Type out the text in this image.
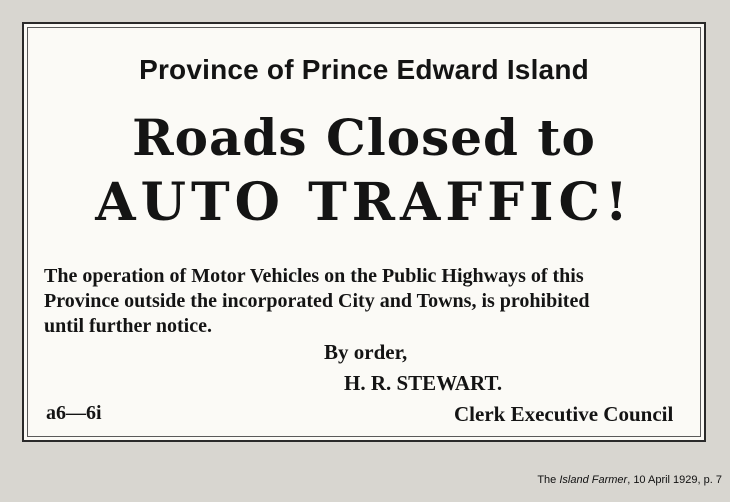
Province of Prince Edward Island
Roads Closed to
AUTO TRAFFIC!
The operation of Motor Vehicles on the Public Highways of this
Province outside the incorporated City and Towns, is prohibited
until further notice.
By order,
H. R. STEWART.
a6—6i	Clerk Executive Council
The Island Farmer, 10 April 1929, p. 7
